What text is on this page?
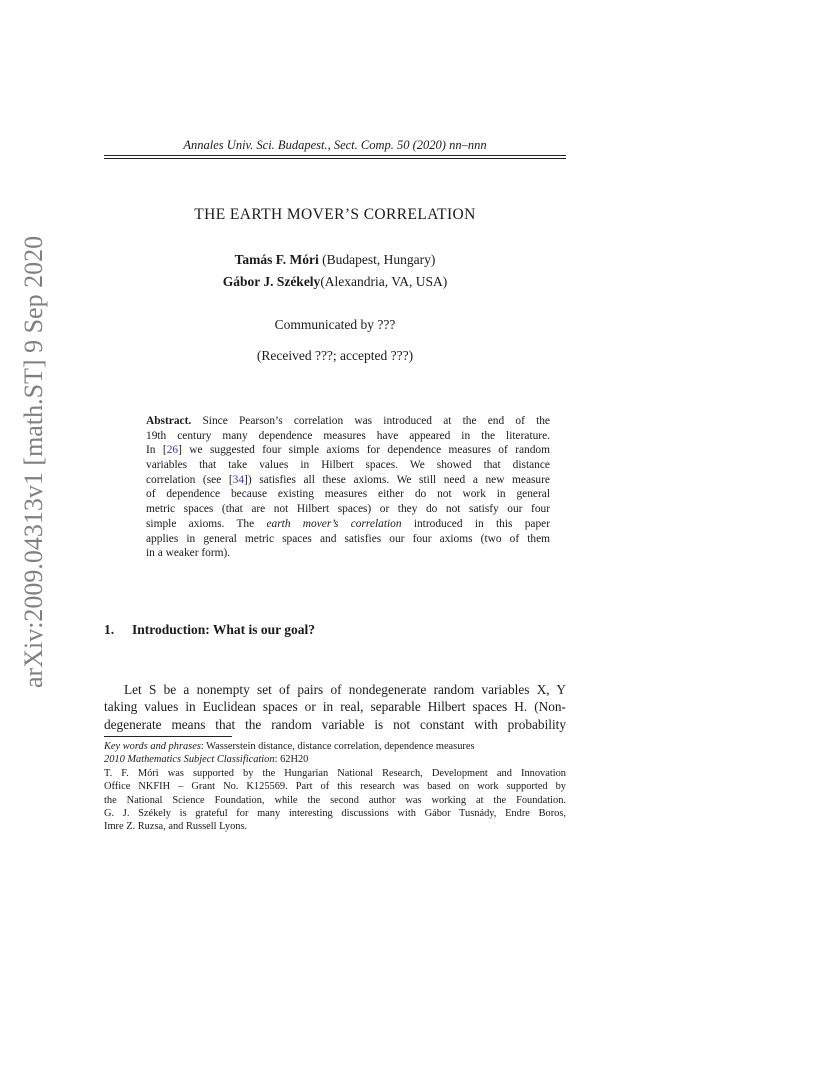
arXiv:2009.04313v1 [math.ST] 9 Sep 2020
Annales Univ. Sci. Budapest., Sect. Comp. 50 (2020) nn–nnn
THE EARTH MOVER’S CORRELATION
Tamás F. Móri (Budapest, Hungary)
Gábor J. Székely(Alexandria, VA, USA)
Communicated by ???
(Received ???; accepted ???)
Abstract. Since Pearson’s correlation was introduced at the end of the
19th century many dependence measures have appeared in the literature.
In [26] we suggested four simple axioms for dependence measures of random
variables that take values in Hilbert spaces. We showed that distance
correlation (see [34]) satisfies all these axioms. We still need a new measure
of dependence because existing measures either do not work in general
metric spaces (that are not Hilbert spaces) or they do not satisfy our four
simple axioms. The earth mover’s correlation introduced in this paper
applies in general metric spaces and satisfies our four axioms (two of them
in a weaker form).
1. Introduction: What is our goal?
Let S be a nonempty set of pairs of nondegenerate random variables X, Y
taking values in Euclidean spaces or in real, separable Hilbert spaces H. (Non-
degenerate means that the random variable is not constant with probability
Key words and phrases: Wasserstein distance, distance correlation, dependence measures
2010 Mathematics Subject Classification: 62H20
T. F. Móri was supported by the Hungarian National Research, Development and Innovation
Office NKFIH – Grant No. K125569. Part of this research was based on work supported by
the National Science Foundation, while the second author was working at the Foundation.
G. J. Székely is grateful for many interesting discussions with Gábor Tusnády, Endre Boros,
Imre Z. Ruzsa, and Russell Lyons.
